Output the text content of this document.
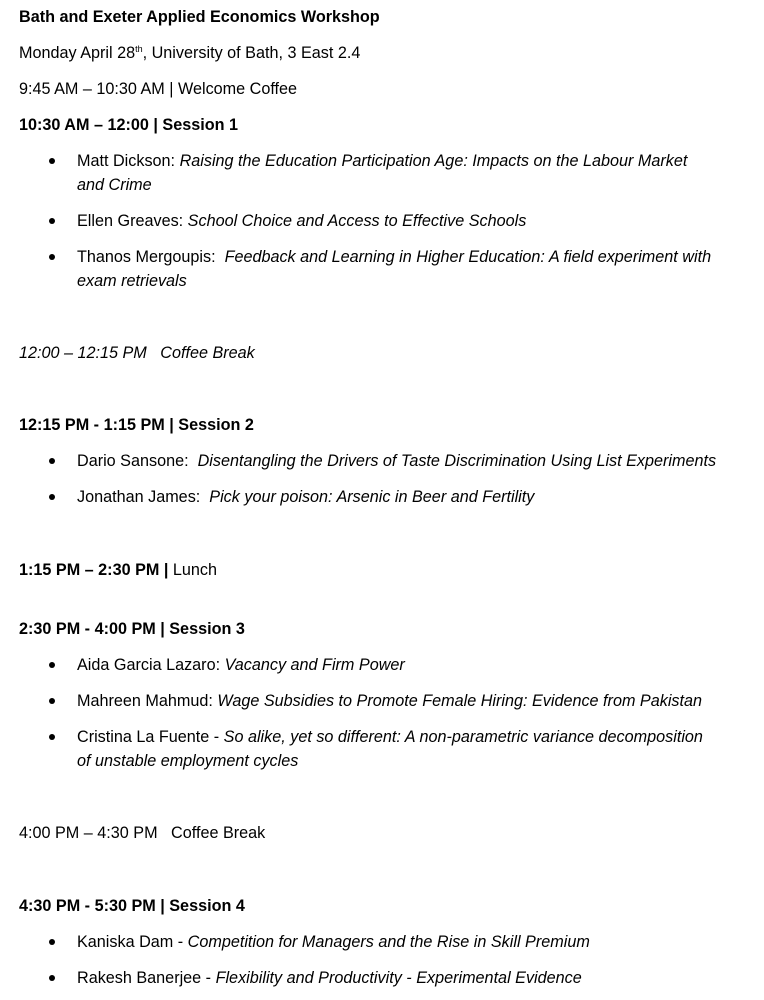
Bath and Exeter Applied Economics Workshop
Monday April 28th, University of Bath, 3 East 2.4
9:45 AM – 10:30 AM | Welcome Coffee
10:30 AM – 12:00 | Session 1
Matt Dickson: Raising the Education Participation Age: Impacts on the Labour Market
and Crime
Ellen Greaves: School Choice and Access to Effective Schools
Thanos Mergoupis:  Feedback and Learning in Higher Education: A field experiment with
exam retrievals
12:00 – 12:15 PM   Coffee Break
12:15 PM - 1:15 PM | Session 2
Dario Sansone:  Disentangling the Drivers of Taste Discrimination Using List Experiments
Jonathan James:  Pick your poison: Arsenic in Beer and Fertility
1:15 PM – 2:30 PM | Lunch
2:30 PM - 4:00 PM | Session 3
Aida Garcia Lazaro: Vacancy and Firm Power
Mahreen Mahmud: Wage Subsidies to Promote Female Hiring: Evidence from Pakistan
Cristina La Fuente - So alike, yet so different: A non-parametric variance decomposition
of unstable employment cycles
4:00 PM – 4:30 PM   Coffee Break
4:30 PM - 5:30 PM | Session 4
Kaniska Dam - Competition for Managers and the Rise in Skill Premium
Rakesh Banerjee - Flexibility and Productivity - Experimental Evidence
